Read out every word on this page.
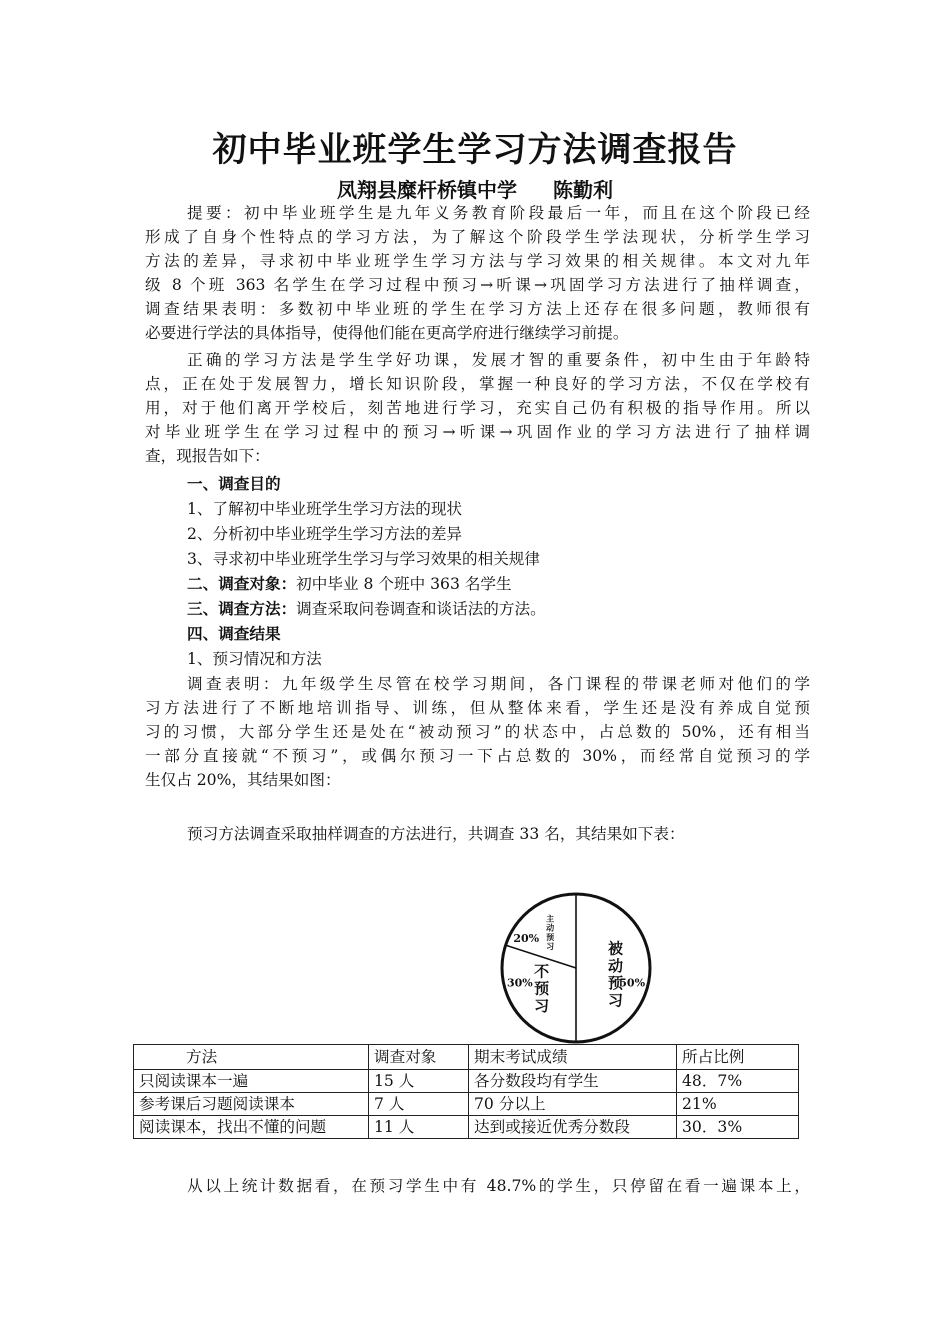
初中毕业班学生学习方法调查报告
凤翔县糜杆桥镇中学 陈勤利
提要：初中毕业班学生是九年义务教育阶段最后一年，而且在这个阶段已经
形成了自身个性特点的学习方法，为了解这个阶段学生学法现状，分析学生学习
方法的差异，寻求初中毕业班学生学习方法与学习效果的相关规律。本文对九年
级 8 个班 363 名学生在学习过程中预习→听课→巩固学习方法进行了抽样调查，
调查结果表明：多数初中毕业班的学生在学习方法上还存在很多问题，教师很有
必要进行学法的具体指导，使得他们能在更高学府进行继续学习前提。
正确的学习方法是学生学好功课，发展才智的重要条件，初中生由于年龄特
点，正在处于发展智力，增长知识阶段，掌握一种良好的学习方法，不仅在学校有
用，对于他们离开学校后，刻苦地进行学习，充实自己仍有积极的指导作用。所以
对毕业班学生在学习过程中的预习→听课→巩固作业的学习方法进行了抽样调
查，现报告如下：
一、调查目的
1、了解初中毕业班学生学习方法的现状
2、分析初中毕业班学生学习方法的差异
3、寻求初中毕业班学生学习与学习效果的相关规律
二、调查对象：初中毕业 8 个班中 363 名学生
三、调查方法：调查采取问卷调查和谈话法的方法。
四、调查结果
1、预习情况和方法
调查表明：九年级学生尽管在校学习期间，各门课程的带课老师对他们的学
习方法进行了不断地培训指导、训练，但从整体来看，学生还是没有养成自觉预
习的习惯，大部分学生还是处在“被动预习”的状态中，占总数的 50%，还有相当
一部分直接就“不预习”，或偶尔预习一下占总数的 30%，而经常自觉预习的学
生仅占 20%，其结果如图：
预习方法调查采取抽样调查的方法进行，共调查 33 名，其结果如下表：
被动预习
50%
不预习
30%
主动预习
20%
方法	调查对象	期末考试成绩	所占比例
只阅读课本一遍	15 人	各分数段均有学生	48．7%
参考课后习题阅读课本	7 人	70 分以上	21%
阅读课本，找出不懂的问题	11 人	达到或接近优秀分数段	30．3%
从以上统计数据看，在预习学生中有 48.7%的学生，只停留在看一遍课本上，
